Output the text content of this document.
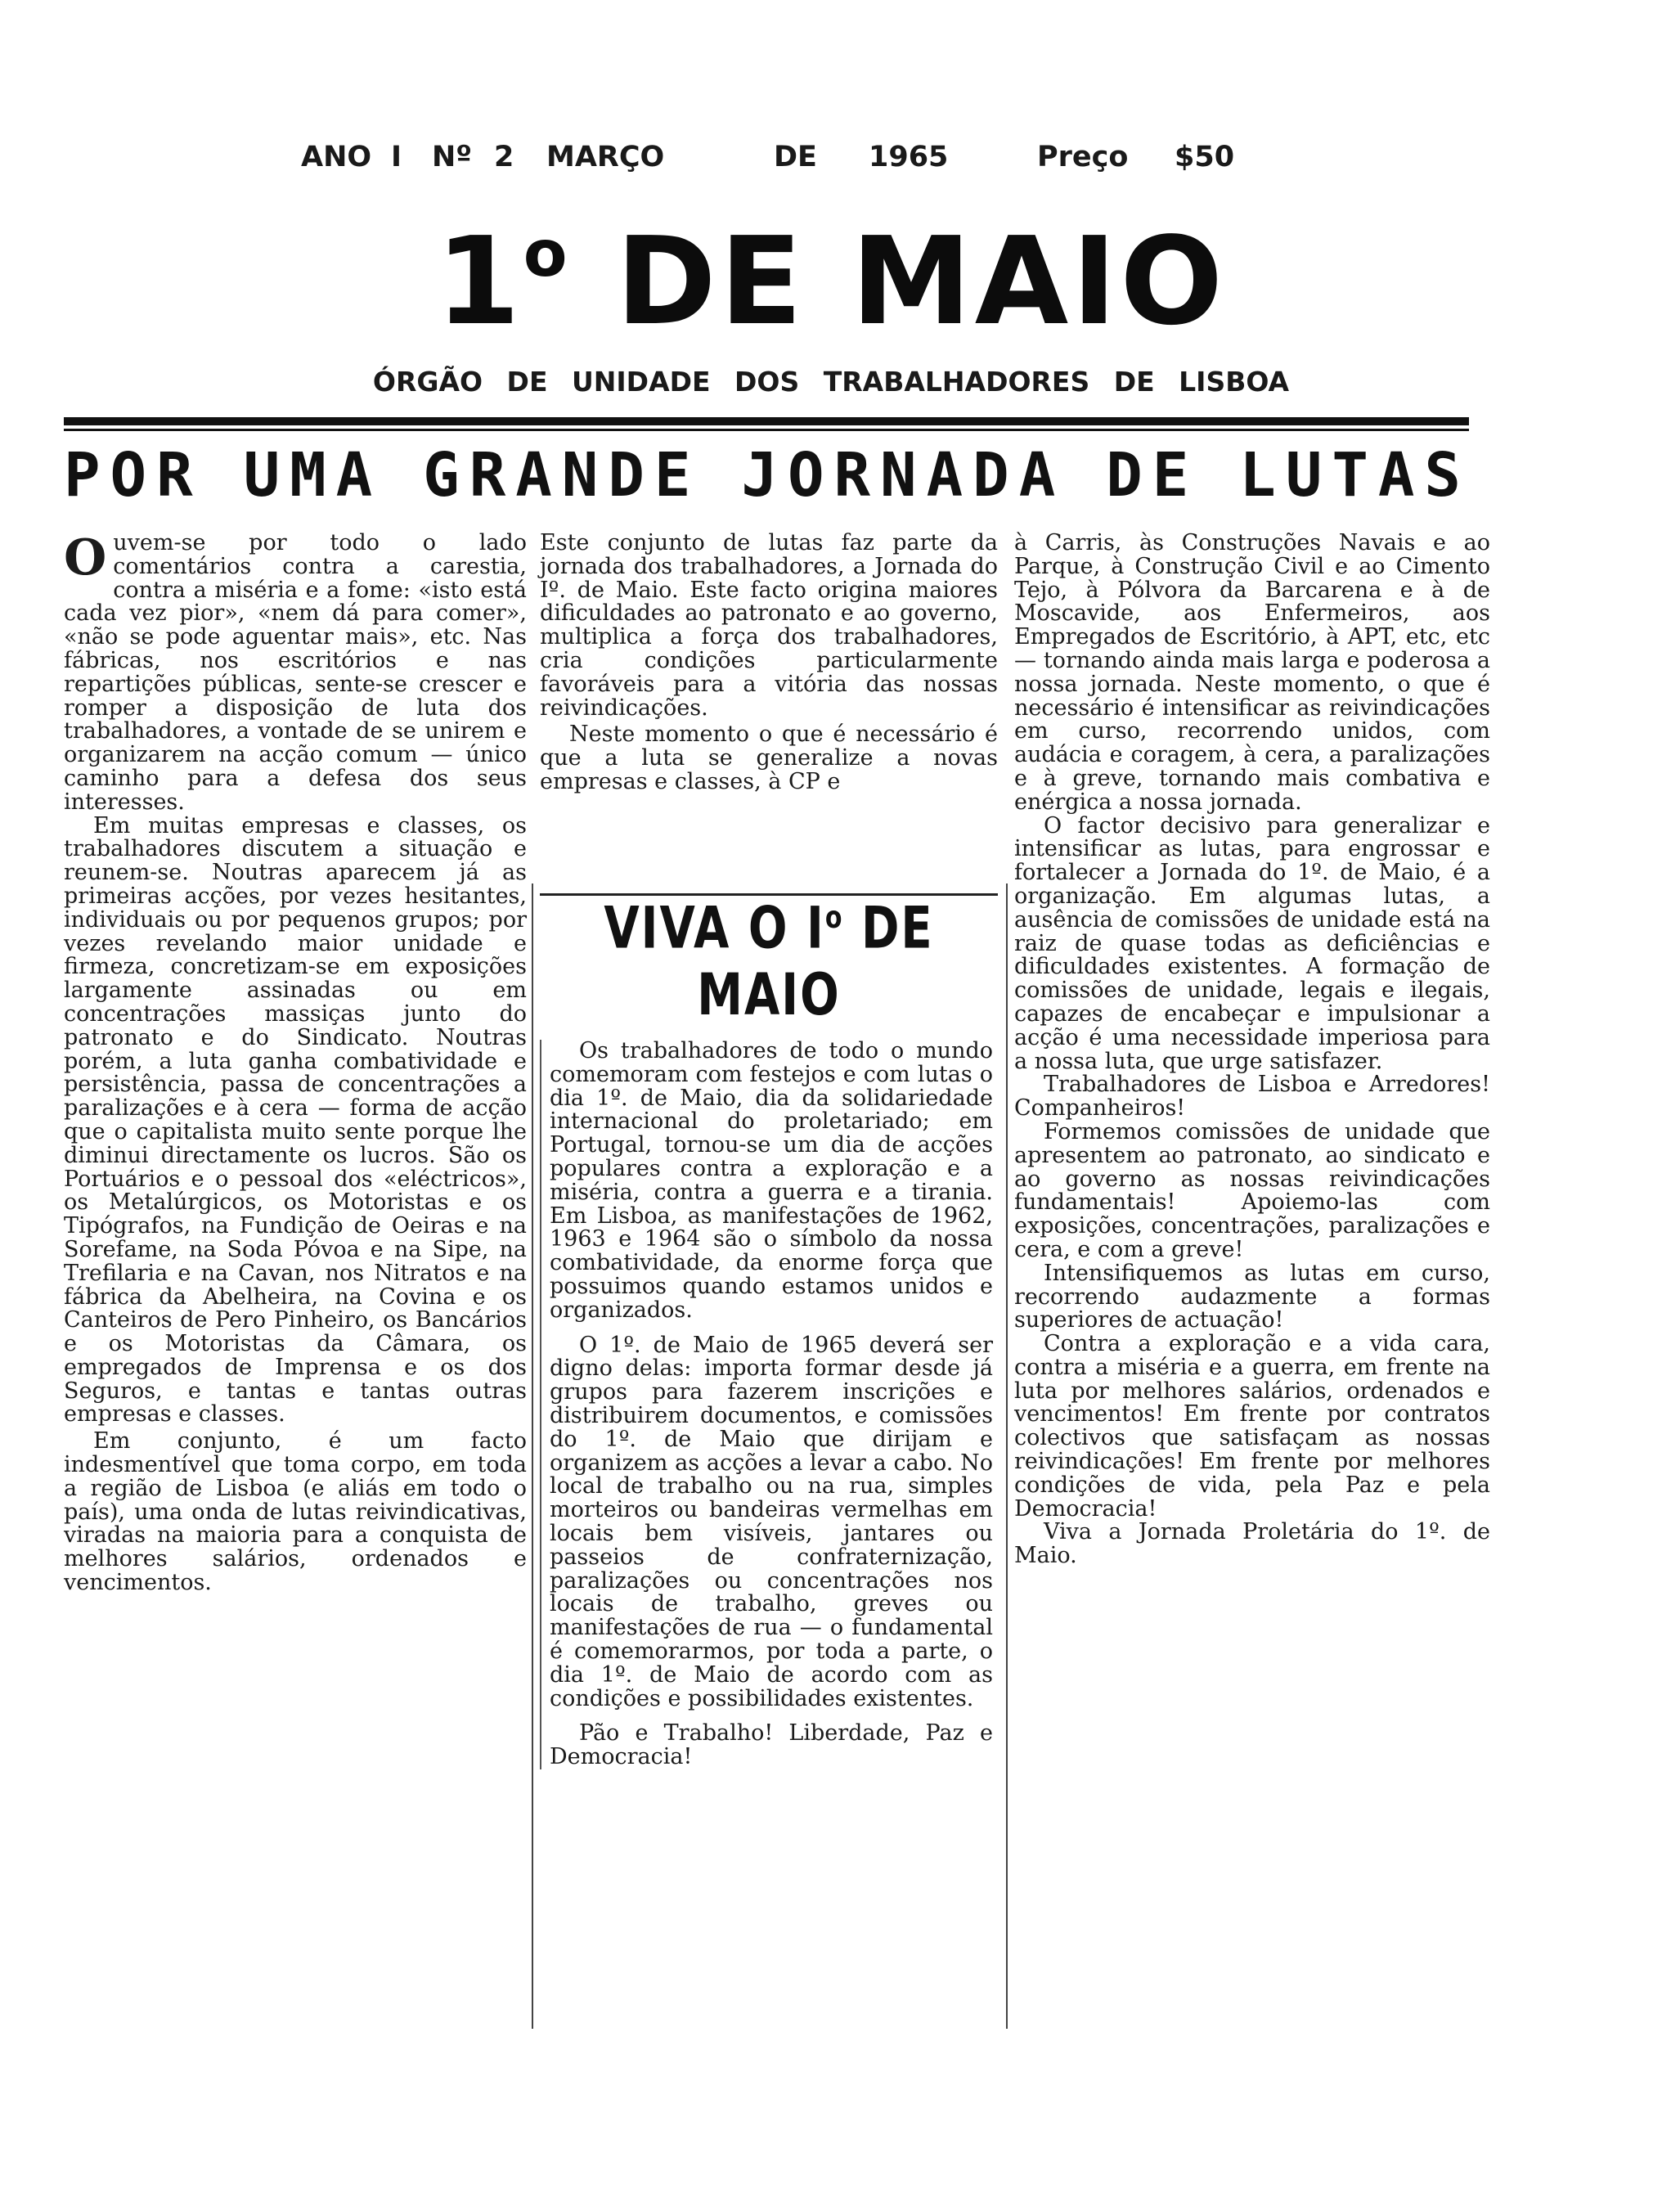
ANO I Nº 2 MARÇO	DE 1965	Preço $50
1$^o$ DE MAIO
ÓRGÃO DE UNIDADE DOS TRABALHADORES DE LISBOA
POR UMA GRANDE JORNADA DE LUTAS

Ouvem-se por todo o lado comentários contra a carestia, contra a miséria e a fome: «isto está cada vez pior», «nem dá para comer», «não se pode aguentar mais», etc. Nas fábricas, nos escritórios e nas repartições públicas, sente-se crescer e romper a disposição de luta dos trabalhadores, a vontade de se unirem e organizarem na acção comum — único caminho para a defesa dos seus interesses.

Em muitas empresas e classes, os trabalhadores discutem a situação e reunem-se. Noutras aparecem já as primeiras acções, por vezes hesitantes, individuais ou por pequenos grupos; por vezes revelando maior unidade e firmeza, concretizam-se em exposições largamente assinadas ou em concentrações massiças junto do patronato e do Sindicato. Noutras porém, a luta ganha combatividade e persistência, passa de concentrações a paralizações e à cera — forma de acção que o capitalista muito sente porque lhe diminui directamente os lucros. São os Portuários e o pessoal dos «eléctricos», os Metalúrgicos, os Motoristas e os Tipógrafos, na Fundição de Oeiras e na Sorefame, na Soda Póvoa e na Sipe, na Trefilaria e na Cavan, nos Nitratos e na fábrica da Abelheira, na Covina e os Canteiros de Pero Pinheiro, os Bancários e os Motoristas da Câmara, os empregados de Imprensa e os dos Seguros, e tantas e tantas outras empresas e classes.

Em conjunto, é um facto indesmentível que toma corpo, em toda a região de Lisboa (e aliás em todo o país), uma onda de lutas reivindicativas, viradas na maioria para a conquista de melhores salários, ordenados e vencimentos.

Este conjunto de lutas faz parte da jornada dos trabalhadores, a Jornada do Iº. de Maio. Este facto origina maiores dificuldades ao patronato e ao governo, multiplica a força dos trabalhadores, cria condições particularmente favoráveis para a vitória das nossas reivindicações.

Neste momento o que é necessário é que a luta se generalize a novas empresas e classes, à CP e

VIVA O $I^o$ DE MAIO

Os trabalhadores de todo o mundo comemoram com festejos e com lutas o dia 1º. de Maio, dia da solidariedade internacional do proletariado; em Portugal, tornou-se um dia de acções populares contra a exploração e a miséria, contra a guerra e a tirania. Em Lisboa, as manifestações de 1962, 1963 e 1964 são o símbolo da nossa combatividade, da enorme força que possuimos quando estamos unidos e organizados.

O 1º. de Maio de 1965 deverá ser digno delas: importa formar desde já grupos para fazerem inscrições e distribuirem documentos, e comissões do 1º. de Maio que dirijam e organizem as acções a levar a cabo. No local de trabalho ou na rua, simples morteiros ou bandeiras vermelhas em locais bem visíveis, jantares ou passeios de confraternização, paralizações ou concentrações nos locais de trabalho, greves ou manifestações de rua — o fundamental é comemorarmos, por toda a parte, o dia 1º. de Maio de acordo com as condições e possibilidades existentes.

Pão e Trabalho! Liberdade, Paz e Democracia!

à Carris, às Construções Navais e ao Parque, à Construção Civil e ao Cimento Tejo, à Pólvora da Barcarena e à de Moscavide, aos Enfermeiros, aos Empregados de Escritório, à APT, etc, etc — tornando ainda mais larga e poderosa a nossa jornada. Neste momento, o que é necessário é intensificar as reivindicações em curso, recorrendo unidos, com audácia e coragem, à cera, a paralizações e à greve, tornando mais combativa e enérgica a nossa jornada.

O factor decisivo para generalizar e intensificar as lutas, para engrossar e fortalecer a Jornada do 1º. de Maio, é a organização. Em algumas lutas, a ausência de comissões de unidade está na raiz de quase todas as deficiências e dificuldades existentes. A formação de comissões de unidade, legais e ilegais, capazes de encabeçar e impulsionar a acção é uma necessidade imperiosa para a nossa luta, que urge satisfazer.

Trabalhadores de Lisboa e Arredores! Companheiros!

Formemos comissões de unidade que apresentem ao patronato, ao sindicato e ao governo as nossas reivindicações fundamentais! Apoiemo-las com exposições, concentrações, paralizações e cera, e com a greve!

Intensifiquemos as lutas em curso, recorrendo audazmente a formas superiores de actuação!

Contra a exploração e a vida cara, contra a miséria e a guerra, em frente na luta por melhores salários, ordenados e vencimentos! Em frente por contratos colectivos que satisfaçam as nossas reivindicações! Em frente por melhores condições de vida, pela Paz e pela Democracia!

Viva a Jornada Proletária do 1º. de Maio.
